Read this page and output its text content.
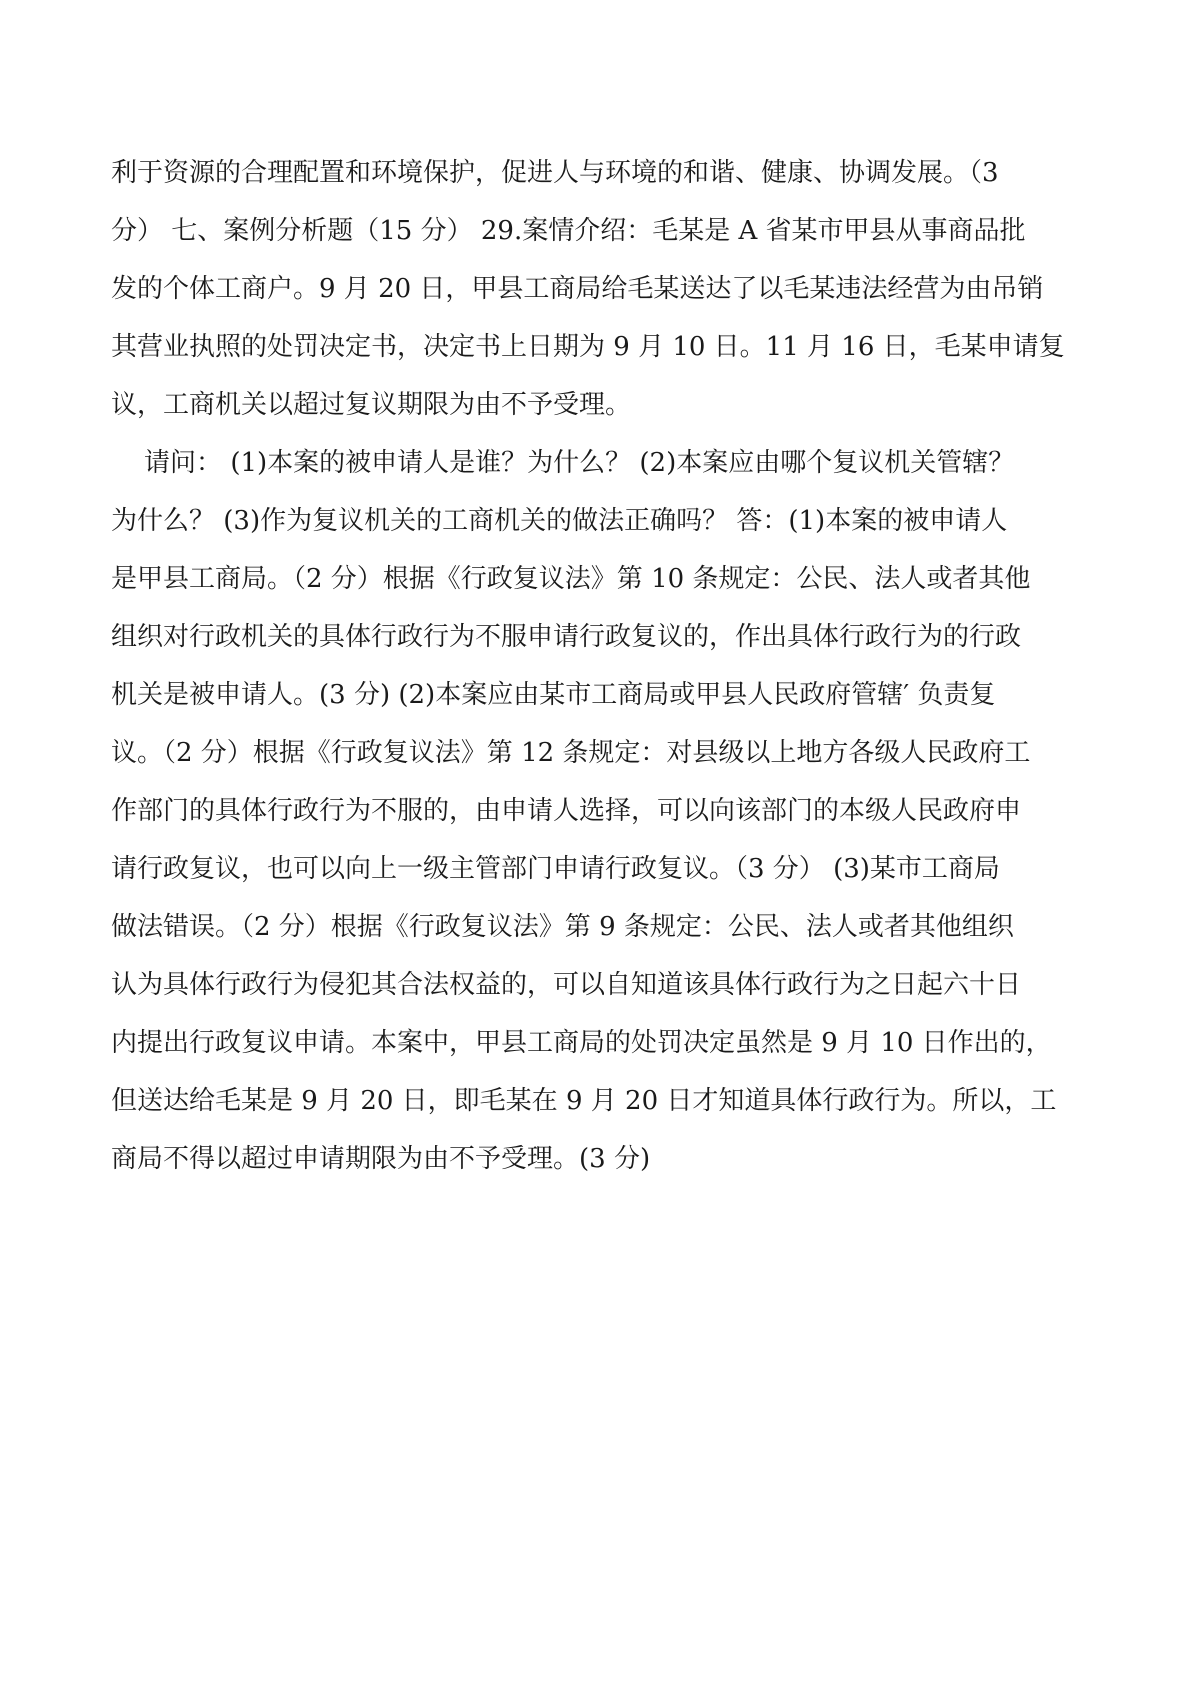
利于资源的合理配置和环境保护，促进人与环境的和谐、健康、协调发展。（3
分） 七、案例分析题（15 分） 29.案情介绍：毛某是 A 省某市甲县从事商品批
发的个体工商户。9 月 20 日，甲县工商局给毛某送达了以毛某违法经营为由吊销
其营业执照的处罚决定书，决定书上日期为 9 月 10 日。11 月 16 日，毛某申请复
议，工商机关以超过复议期限为由不予受理。
请问： (1)本案的被申请人是谁？为什么？ (2)本案应由哪个复议机关管辖？
为什么？ (3)作为复议机关的工商机关的做法正确吗？ 答：(1)本案的被申请人
是甲县工商局。（2 分）根据《行政复议法》第 10 条规定：公民、法人或者其他
组织对行政机关的具体行政行为不服申请行政复议的，作出具体行政行为的行政
机关是被申请人。(3 分) (2)本案应由某市工商局或甲县人民政府管辖′ 负责复
议。（2 分）根据《行政复议法》第 12 条规定：对县级以上地方各级人民政府工
作部门的具体行政行为不服的，由申请人选择，可以向该部门的本级人民政府申
请行政复议，也可以向上一级主管部门申请行政复议。（3 分） (3)某市工商局
做法错误。（2 分）根据《行政复议法》第 9 条规定：公民、法人或者其他组织
认为具体行政行为侵犯其合法权益的，可以自知道该具体行政行为之日起六十日
内提出行政复议申请。本案中，甲县工商局的处罚决定虽然是 9 月 10 日作出的，
但送达给毛某是 9 月 20 日，即毛某在 9 月 20 日才知道具体行政行为。所以，工
商局不得以超过申请期限为由不予受理。(3 分)
